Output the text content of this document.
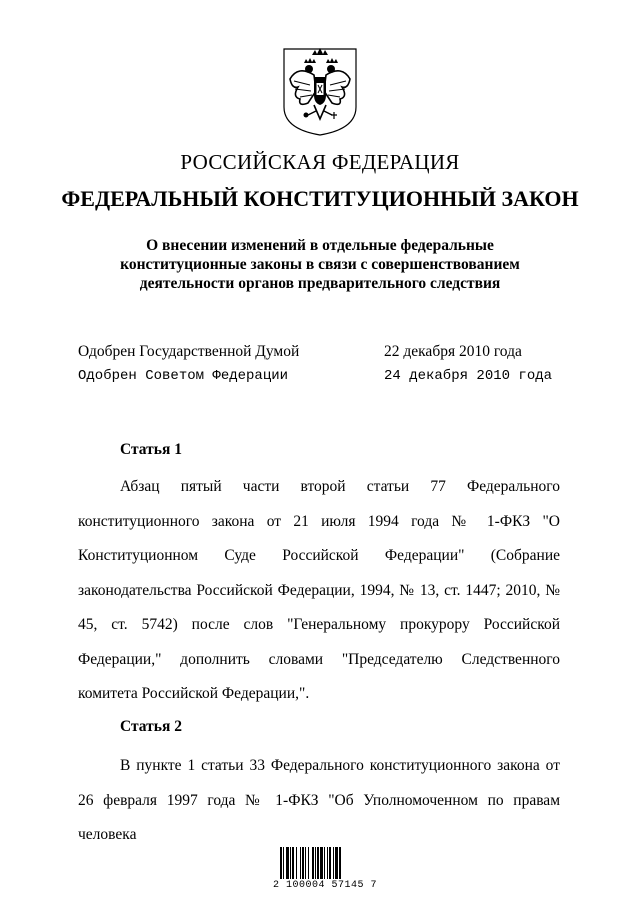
РОССИЙСКАЯ ФЕДЕРАЦИЯ
ФЕДЕРАЛЬНЫЙ КОНСТИТУЦИОННЫЙ ЗАКОН
О внесении изменений в отдельные федеральные конституционные законы в связи с совершенствованием деятельности органов предварительного следствия
Одобрен Государственной Думой	22 декабря 2010 года
Одобрен Советом Федерации	24 декабря 2010 года
Статья 1
Абзац пятый части второй статьи 77 Федерального конституционного закона от 21 июля 1994 года № 1-ФКЗ "О Конституционном Суде Российской Федерации" (Собрание законодательства Российской Федерации, 1994, № 13, ст. 1447; 2010, № 45, ст. 5742) после слов "Генеральному прокурору Российской Федерации," дополнить словами "Председателю Следственного комитета Российской Федерации,".
Статья 2
В пункте 1 статьи 33 Федерального конституционного закона от 26 февраля 1997 года № 1-ФКЗ "Об Уполномоченном по правам человека
2 100004 57145 7
